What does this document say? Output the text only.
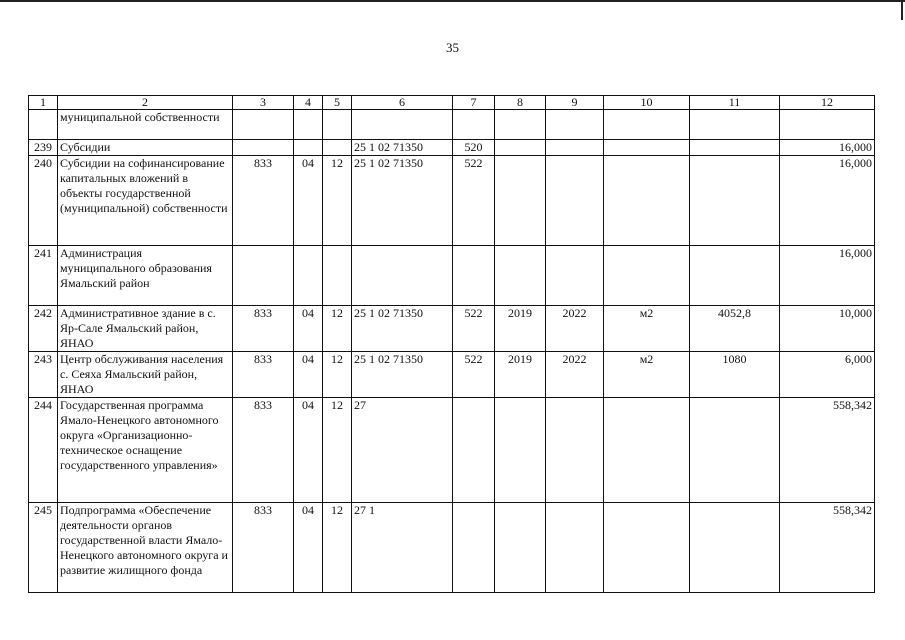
35
1	2	3	4	5	6	7	8	9	10	11	12
	муниципальной собственности										
239	Субсидии				25 1 02 71350	520					16,000
240	Субсидии на софинансирование капитальных вложений в объекты государственной (муниципальной) собственности	833	04	12	25 1 02 71350	522					16,000
241	Администрация муниципального образования Ямальский район										16,000
242	Административное здание в с. Яр-Сале Ямальский район, ЯНАО	833	04	12	25 1 02 71350	522	2019	2022	м2	4052,8	10,000
243	Центр обслуживания населения с. Сеяха Ямальский район, ЯНАО	833	04	12	25 1 02 71350	522	2019	2022	м2	1080	6,000
244	Государственная программа Ямало-Ненецкого автономного округа «Организационно-техническое оснащение государственного управления»	833	04	12	27						558,342
245	Подпрограмма «Обеспечение деятельности органов государственной власти Ямало-Ненецкого автономного округа и развитие жилищного фонда	833	04	12	27 1						558,342
